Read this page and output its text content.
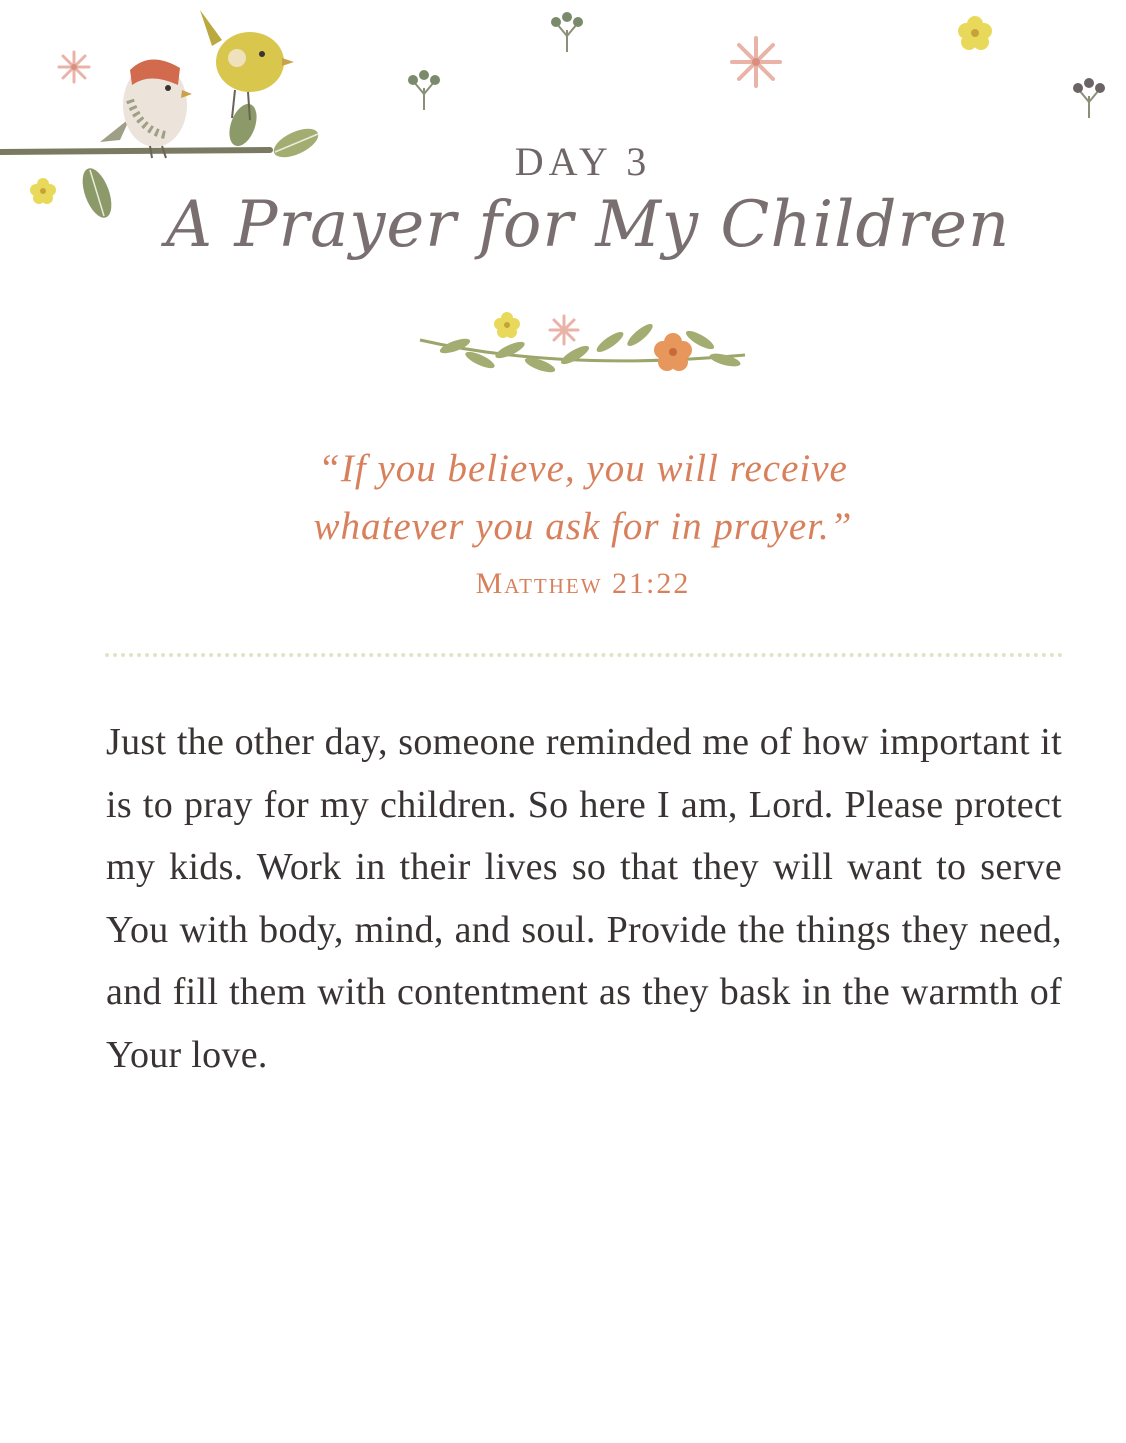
DAY 3
A Prayer for My Children
“If you believe, you will receive
whatever you ask for in prayer.”
Matthew 21:22
Just the other day, someone reminded me of how important it is to pray for my children. So here I am, Lord. Please protect my kids. Work in their lives so that they will want to serve You with body, mind, and soul. Provide the things they need, and fill them with contentment as they bask in the warmth of Your love.
